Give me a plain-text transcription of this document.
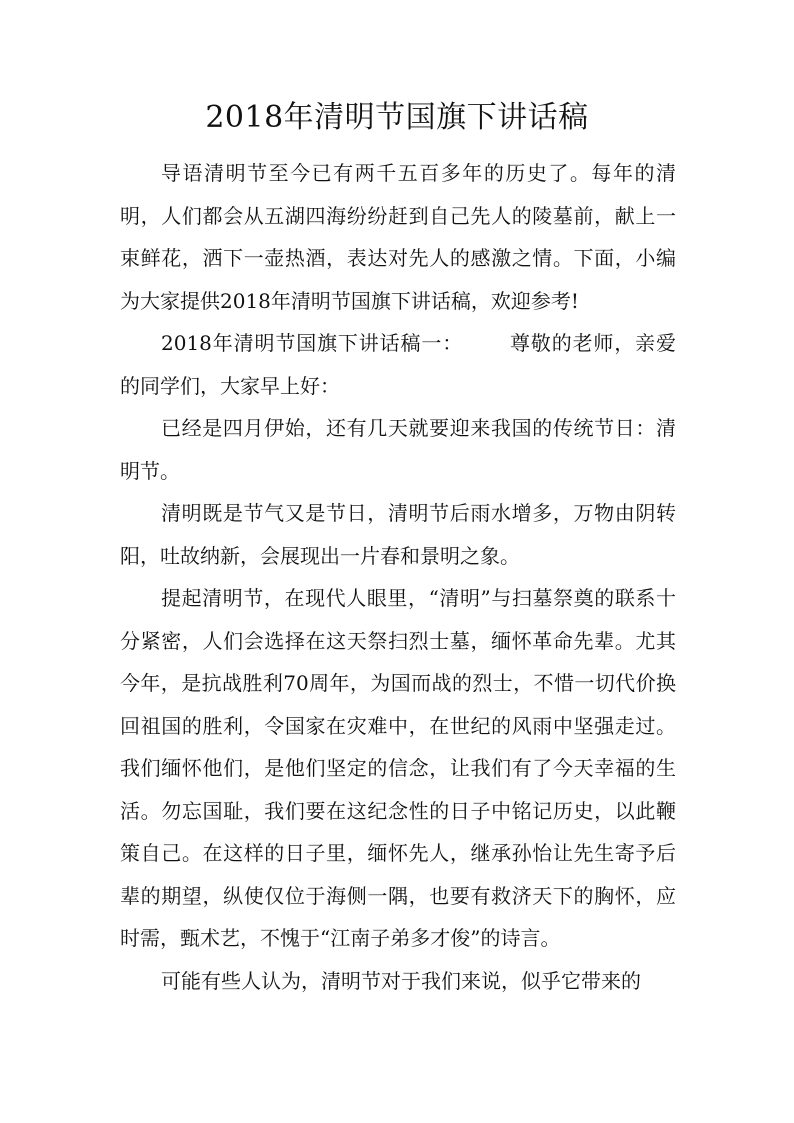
2018年清明节国旗下讲话稿

导语清明节至今已有两千五百多年的历史了。每年的清明，人们都会从五湖四海纷纷赶到自己先人的陵墓前，献上一束鲜花，洒下一壶热酒，表达对先人的感激之情。下面，小编为大家提供2018年清明节国旗下讲话稿，欢迎参考!

2018年清明节国旗下讲话稿一： 尊敬的老师，亲爱的同学们，大家早上好：

已经是四月伊始，还有几天就要迎来我国的传统节日：清明节。

清明既是节气又是节日，清明节后雨水增多，万物由阴转阳，吐故纳新，会展现出一片春和景明之象。

提起清明节，在现代人眼里，“清明”与扫墓祭奠的联系十分紧密，人们会选择在这天祭扫烈士墓，缅怀革命先辈。尤其今年，是抗战胜利70周年，为国而战的烈士，不惜一切代价换回祖国的胜利，令国家在灾难中，在世纪的风雨中坚强走过。我们缅怀他们，是他们坚定的信念，让我们有了今天幸福的生活。勿忘国耻，我们要在这纪念性的日子中铭记历史，以此鞭策自己。在这样的日子里，缅怀先人，继承孙怡让先生寄予后辈的期望，纵使仅位于海侧一隅，也要有救济天下的胸怀，应时需，甄术艺，不愧于“江南子弟多才俊”的诗言。

可能有些人认为，清明节对于我们来说，似乎它带来的
